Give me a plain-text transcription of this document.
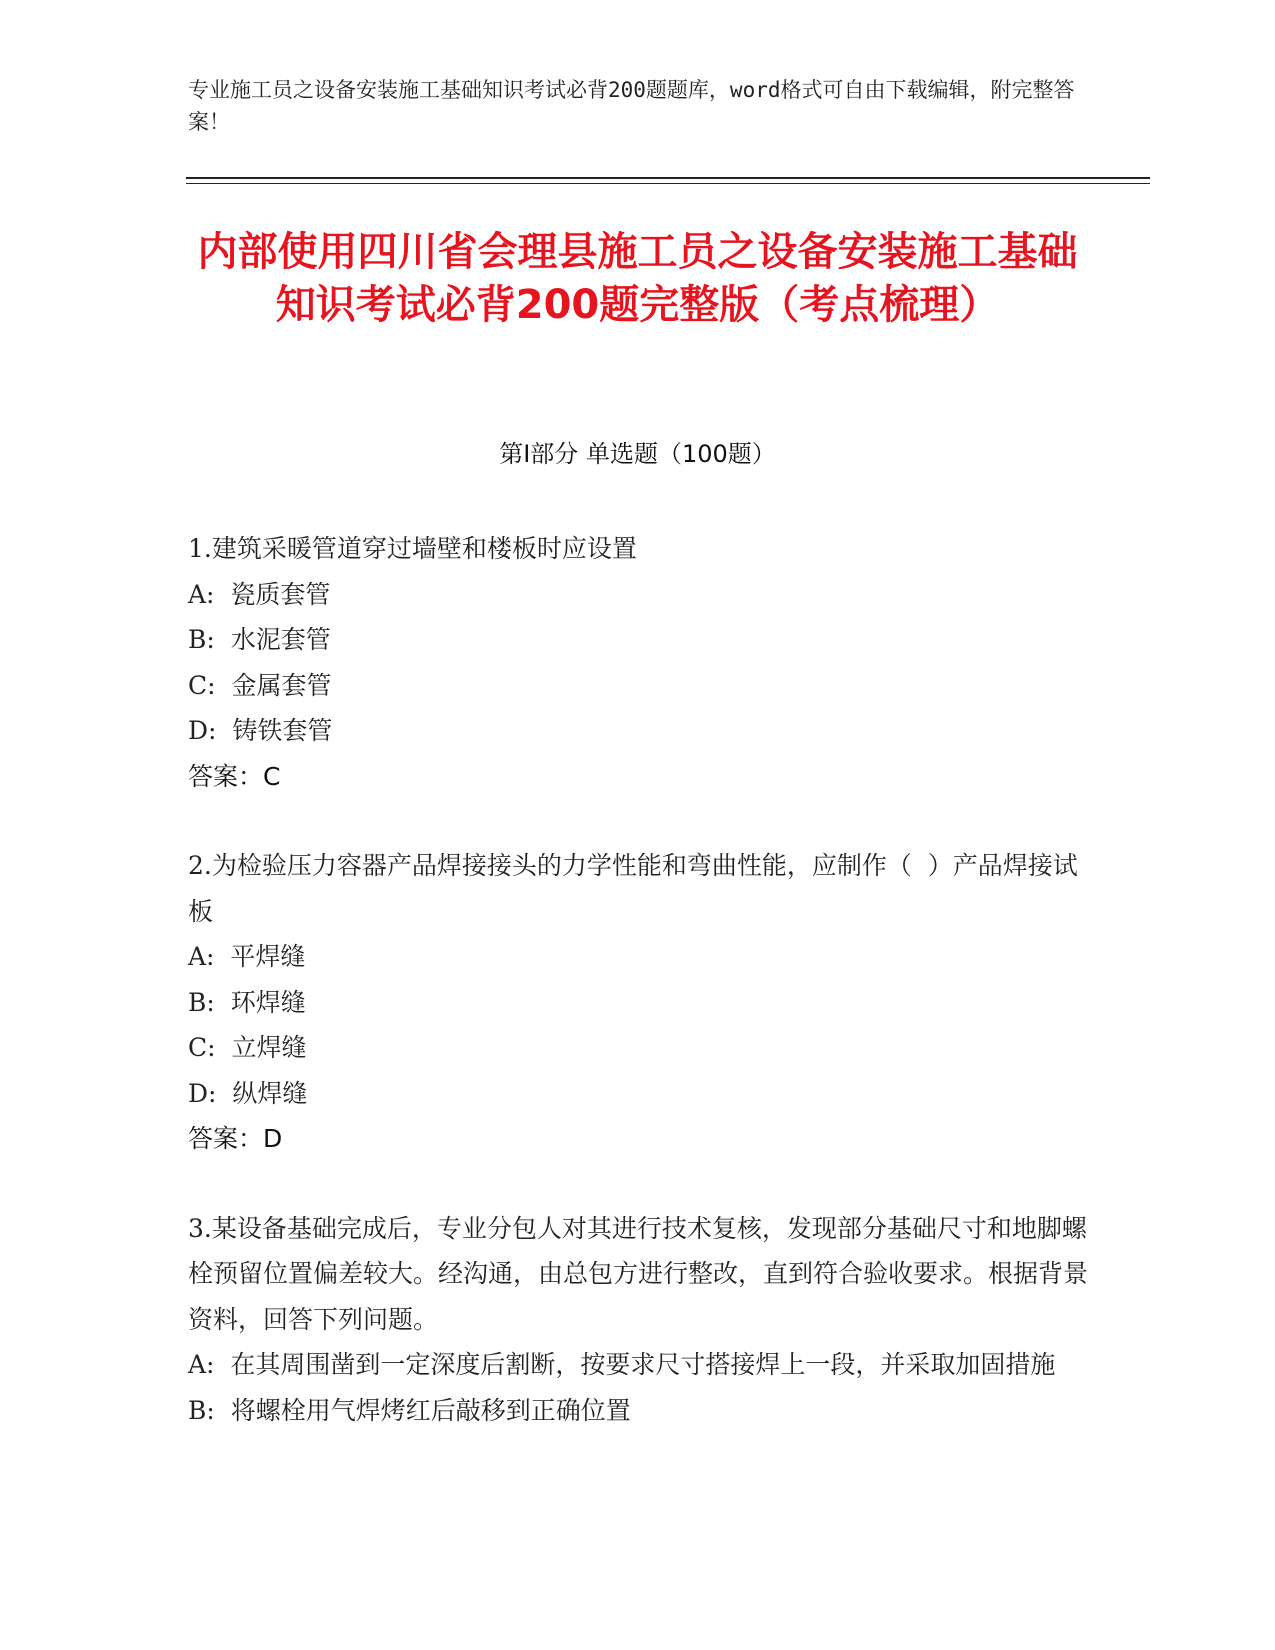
专业施工员之设备安装施工基础知识考试必背200题题库，word格式可自由下载编辑，附完整答案！
内部使用四川省会理县施工员之设备安装施工基础知识考试必背200题完整版（考点梳理）
第I部分 单选题（100题）
1.建筑采暖管道穿过墙壁和楼板时应设置
A:  瓷质套管
B:  水泥套管
C:  金属套管
D:  铸铁套管
答案：C
2.为检验压力容器产品焊接接头的力学性能和弯曲性能，应制作（  ）产品焊接试板
A:  平焊缝
B:  环焊缝
C:  立焊缝
D:  纵焊缝
答案：D
3.某设备基础完成后，专业分包人对其进行技术复核，发现部分基础尺寸和地脚螺栓预留位置偏差较大。经沟通，由总包方进行整改，直到符合验收要求。根据背景资料，回答下列问题。
A:  在其周围凿到一定深度后割断，按要求尺寸搭接焊上一段，并采取加固措施
B:  将螺栓用气焊烤红后敲移到正确位置
